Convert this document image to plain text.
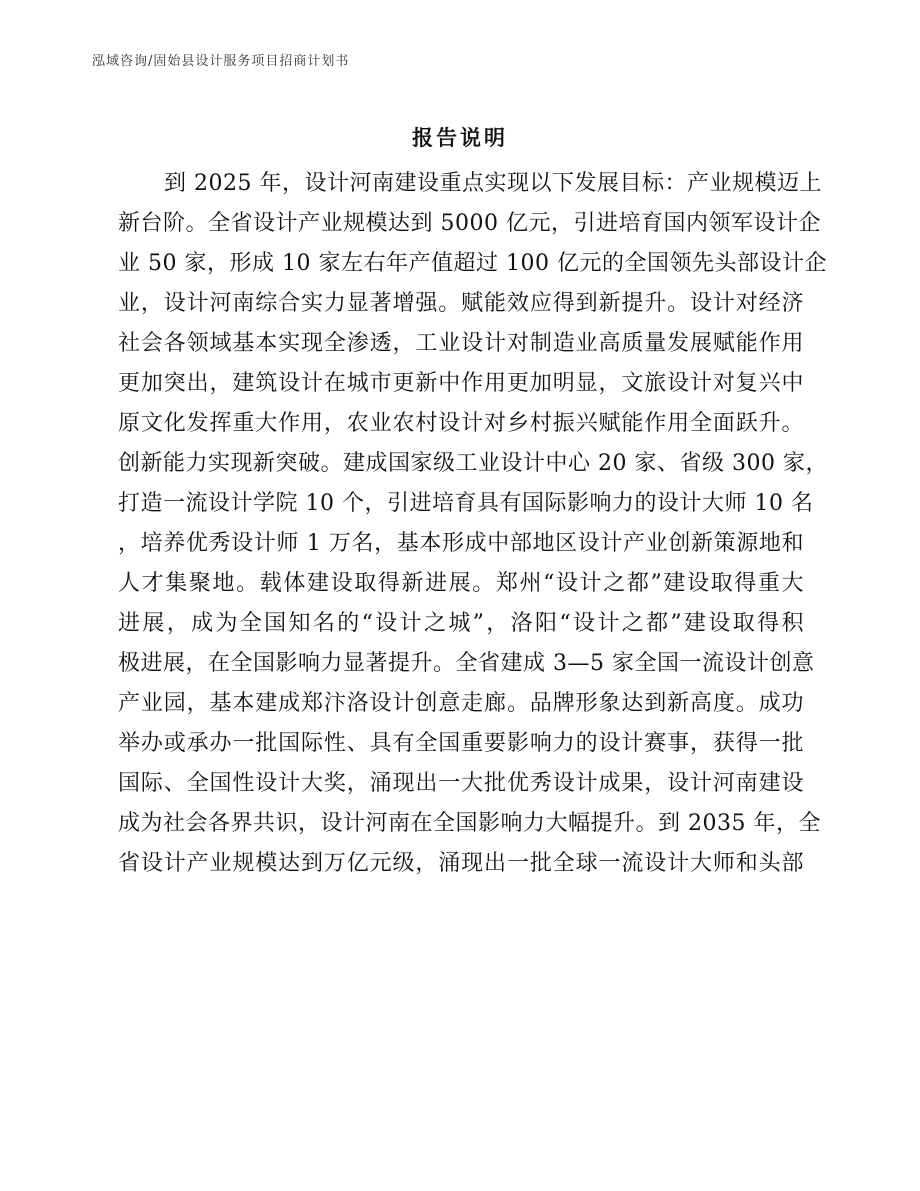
泓域咨询/固始县设计服务项目招商计划书
报告说明
到 2025 年，设计河南建设重点实现以下发展目标：产业规模迈上
新台阶。全省设计产业规模达到 5000 亿元，引进培育国内领军设计企
业 50 家，形成 10 家左右年产值超过 100 亿元的全国领先头部设计企
业，设计河南综合实力显著增强。赋能效应得到新提升。设计对经济
社会各领域基本实现全渗透，工业设计对制造业高质量发展赋能作用
更加突出，建筑设计在城市更新中作用更加明显，文旅设计对复兴中
原文化发挥重大作用，农业农村设计对乡村振兴赋能作用全面跃升。
创新能力实现新突破。建成国家级工业设计中心 20 家、省级 300 家，
打造一流设计学院 10 个，引进培育具有国际影响力的设计大师 10 名
，培养优秀设计师 1 万名，基本形成中部地区设计产业创新策源地和
人才集聚地。载体建设取得新进展。郑州“设计之都”建设取得重大
进展，成为全国知名的“设计之城”，洛阳“设计之都”建设取得积
极进展，在全国影响力显著提升。全省建成 3—5 家全国一流设计创意
产业园，基本建成郑汴洛设计创意走廊。品牌形象达到新高度。成功
举办或承办一批国际性、具有全国重要影响力的设计赛事，获得一批
国际、全国性设计大奖，涌现出一大批优秀设计成果，设计河南建设
成为社会各界共识，设计河南在全国影响力大幅提升。到 2035 年，全
省设计产业规模达到万亿元级，涌现出一批全球一流设计大师和头部
